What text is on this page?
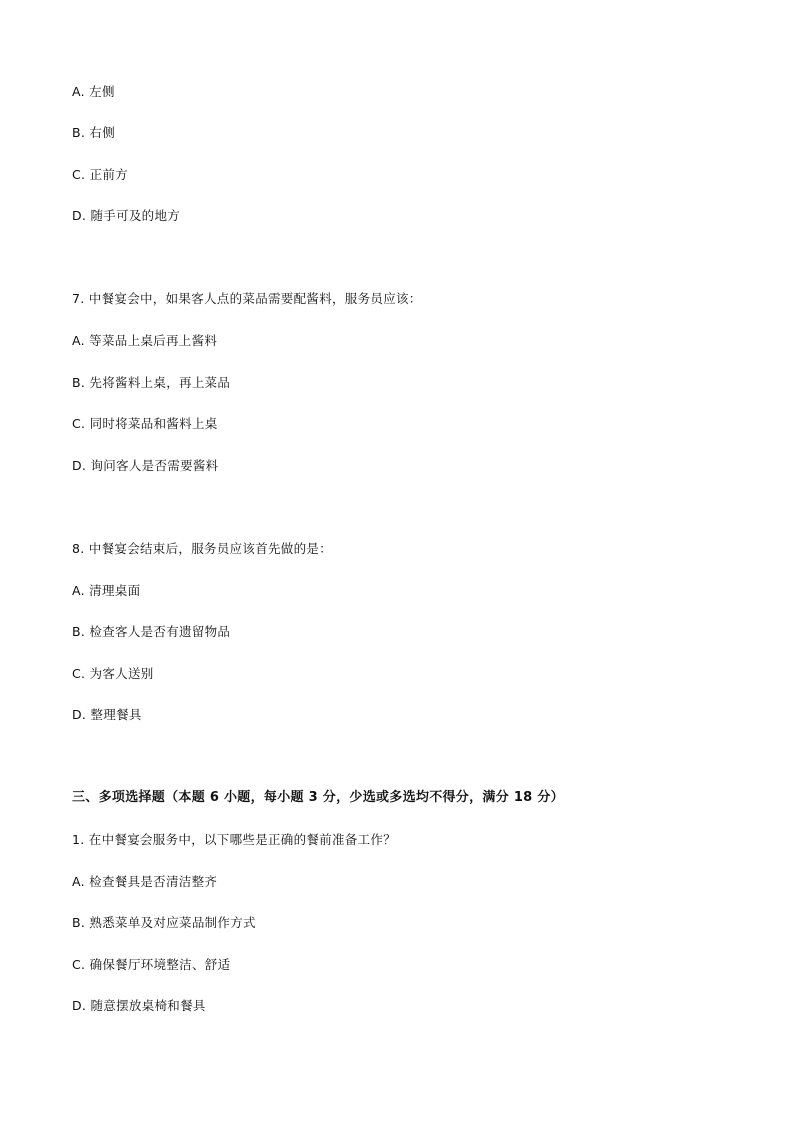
A. 左侧
B. 右侧
C. 正前方
D. 随手可及的地方
7. 中餐宴会中，如果客人点的菜品需要配酱料，服务员应该：
A. 等菜品上桌后再上酱料
B. 先将酱料上桌，再上菜品
C. 同时将菜品和酱料上桌
D. 询问客人是否需要酱料
8. 中餐宴会结束后，服务员应该首先做的是：
A. 清理桌面
B. 检查客人是否有遗留物品
C. 为客人送别
D. 整理餐具
三、多项选择题（本题 6 小题，每小题 3 分，少选或多选均不得分，满分 18 分）
1. 在中餐宴会服务中，以下哪些是正确的餐前准备工作？
A. 检查餐具是否清洁整齐
B. 熟悉菜单及对应菜品制作方式
C. 确保餐厅环境整洁、舒适
D. 随意摆放桌椅和餐具
